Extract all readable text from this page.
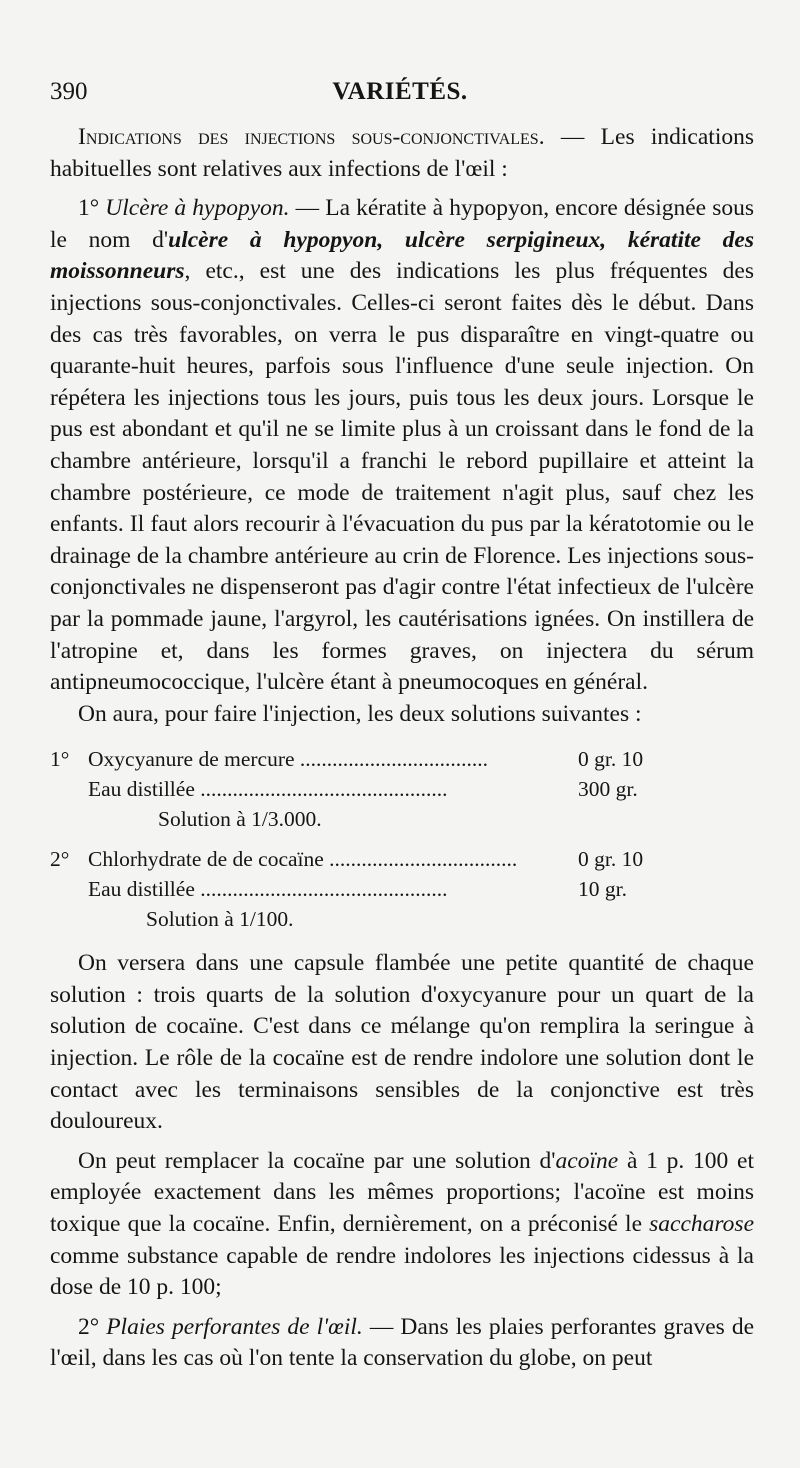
390	VARIÉTÉS.

Indications des injections sous-conjonctivales. — Les indications habituelles sont relatives aux infections de l'œil :

1° Ulcère à hypopyon. — La kératite à hypopyon, encore désignée sous le nom d'ulcère à hypopyon, ulcère serpigineux, kératite des moissonneurs, etc., est une des indications les plus fréquentes des injections sous-conjonctivales. Celles-ci seront faites dès le début. Dans des cas très favorables, on verra le pus disparaître en vingt-quatre ou quarante-huit heures, parfois sous l'influence d'une seule injection. On répétera les injections tous les jours, puis tous les deux jours. Lorsque le pus est abondant et qu'il ne se limite plus à un croissant dans le fond de la chambre antérieure, lorsqu'il a franchi le rebord pupillaire et atteint la chambre postérieure, ce mode de traitement n'agit plus, sauf chez les enfants. Il faut alors recourir à l'évacuation du pus par la kératotomie ou le drainage de la chambre antérieure au crin de Florence. Les injections sous-conjonctivales ne dispenseront pas d'agir contre l'état infectieux de l'ulcère par la pommade jaune, l'argyrol, les cautérisations ignées. On instillera de l'atropine et, dans les formes graves, on injectera du sérum antipneumococcique, l'ulcère étant à pneumocoques en général.

On aura, pour faire l'injection, les deux solutions suivantes :

1° Oxycyanure de mercure ...................................	0 gr. 10
Eau distillée ..............................................	300 gr.
Solution à 1/3.000.
2° Chlorhydrate de de cocaïne ...................................	0 gr. 10
Eau distillée ..............................................	10 gr.
Solution à 1/100.

On versera dans une capsule flambée une petite quantité de chaque solution : trois quarts de la solution d'oxycyanure pour un quart de la solution de cocaïne. C'est dans ce mélange qu'on remplira la seringue à injection. Le rôle de la cocaïne est de rendre indolore une solution dont le contact avec les terminaisons sensibles de la conjonctive est très douloureux.

On peut remplacer la cocaïne par une solution d'acoïne à 1 p. 100 et employée exactement dans les mêmes proportions; l'acoïne est moins toxique que la cocaïne. Enfin, dernièrement, on a préconisé le saccharose comme substance capable de rendre indolores les injections cidessus à la dose de 10 p. 100;

2° Plaies perforantes de l'œil. — Dans les plaies perforantes graves de l'œil, dans les cas où l'on tente la conservation du globe, on peut
